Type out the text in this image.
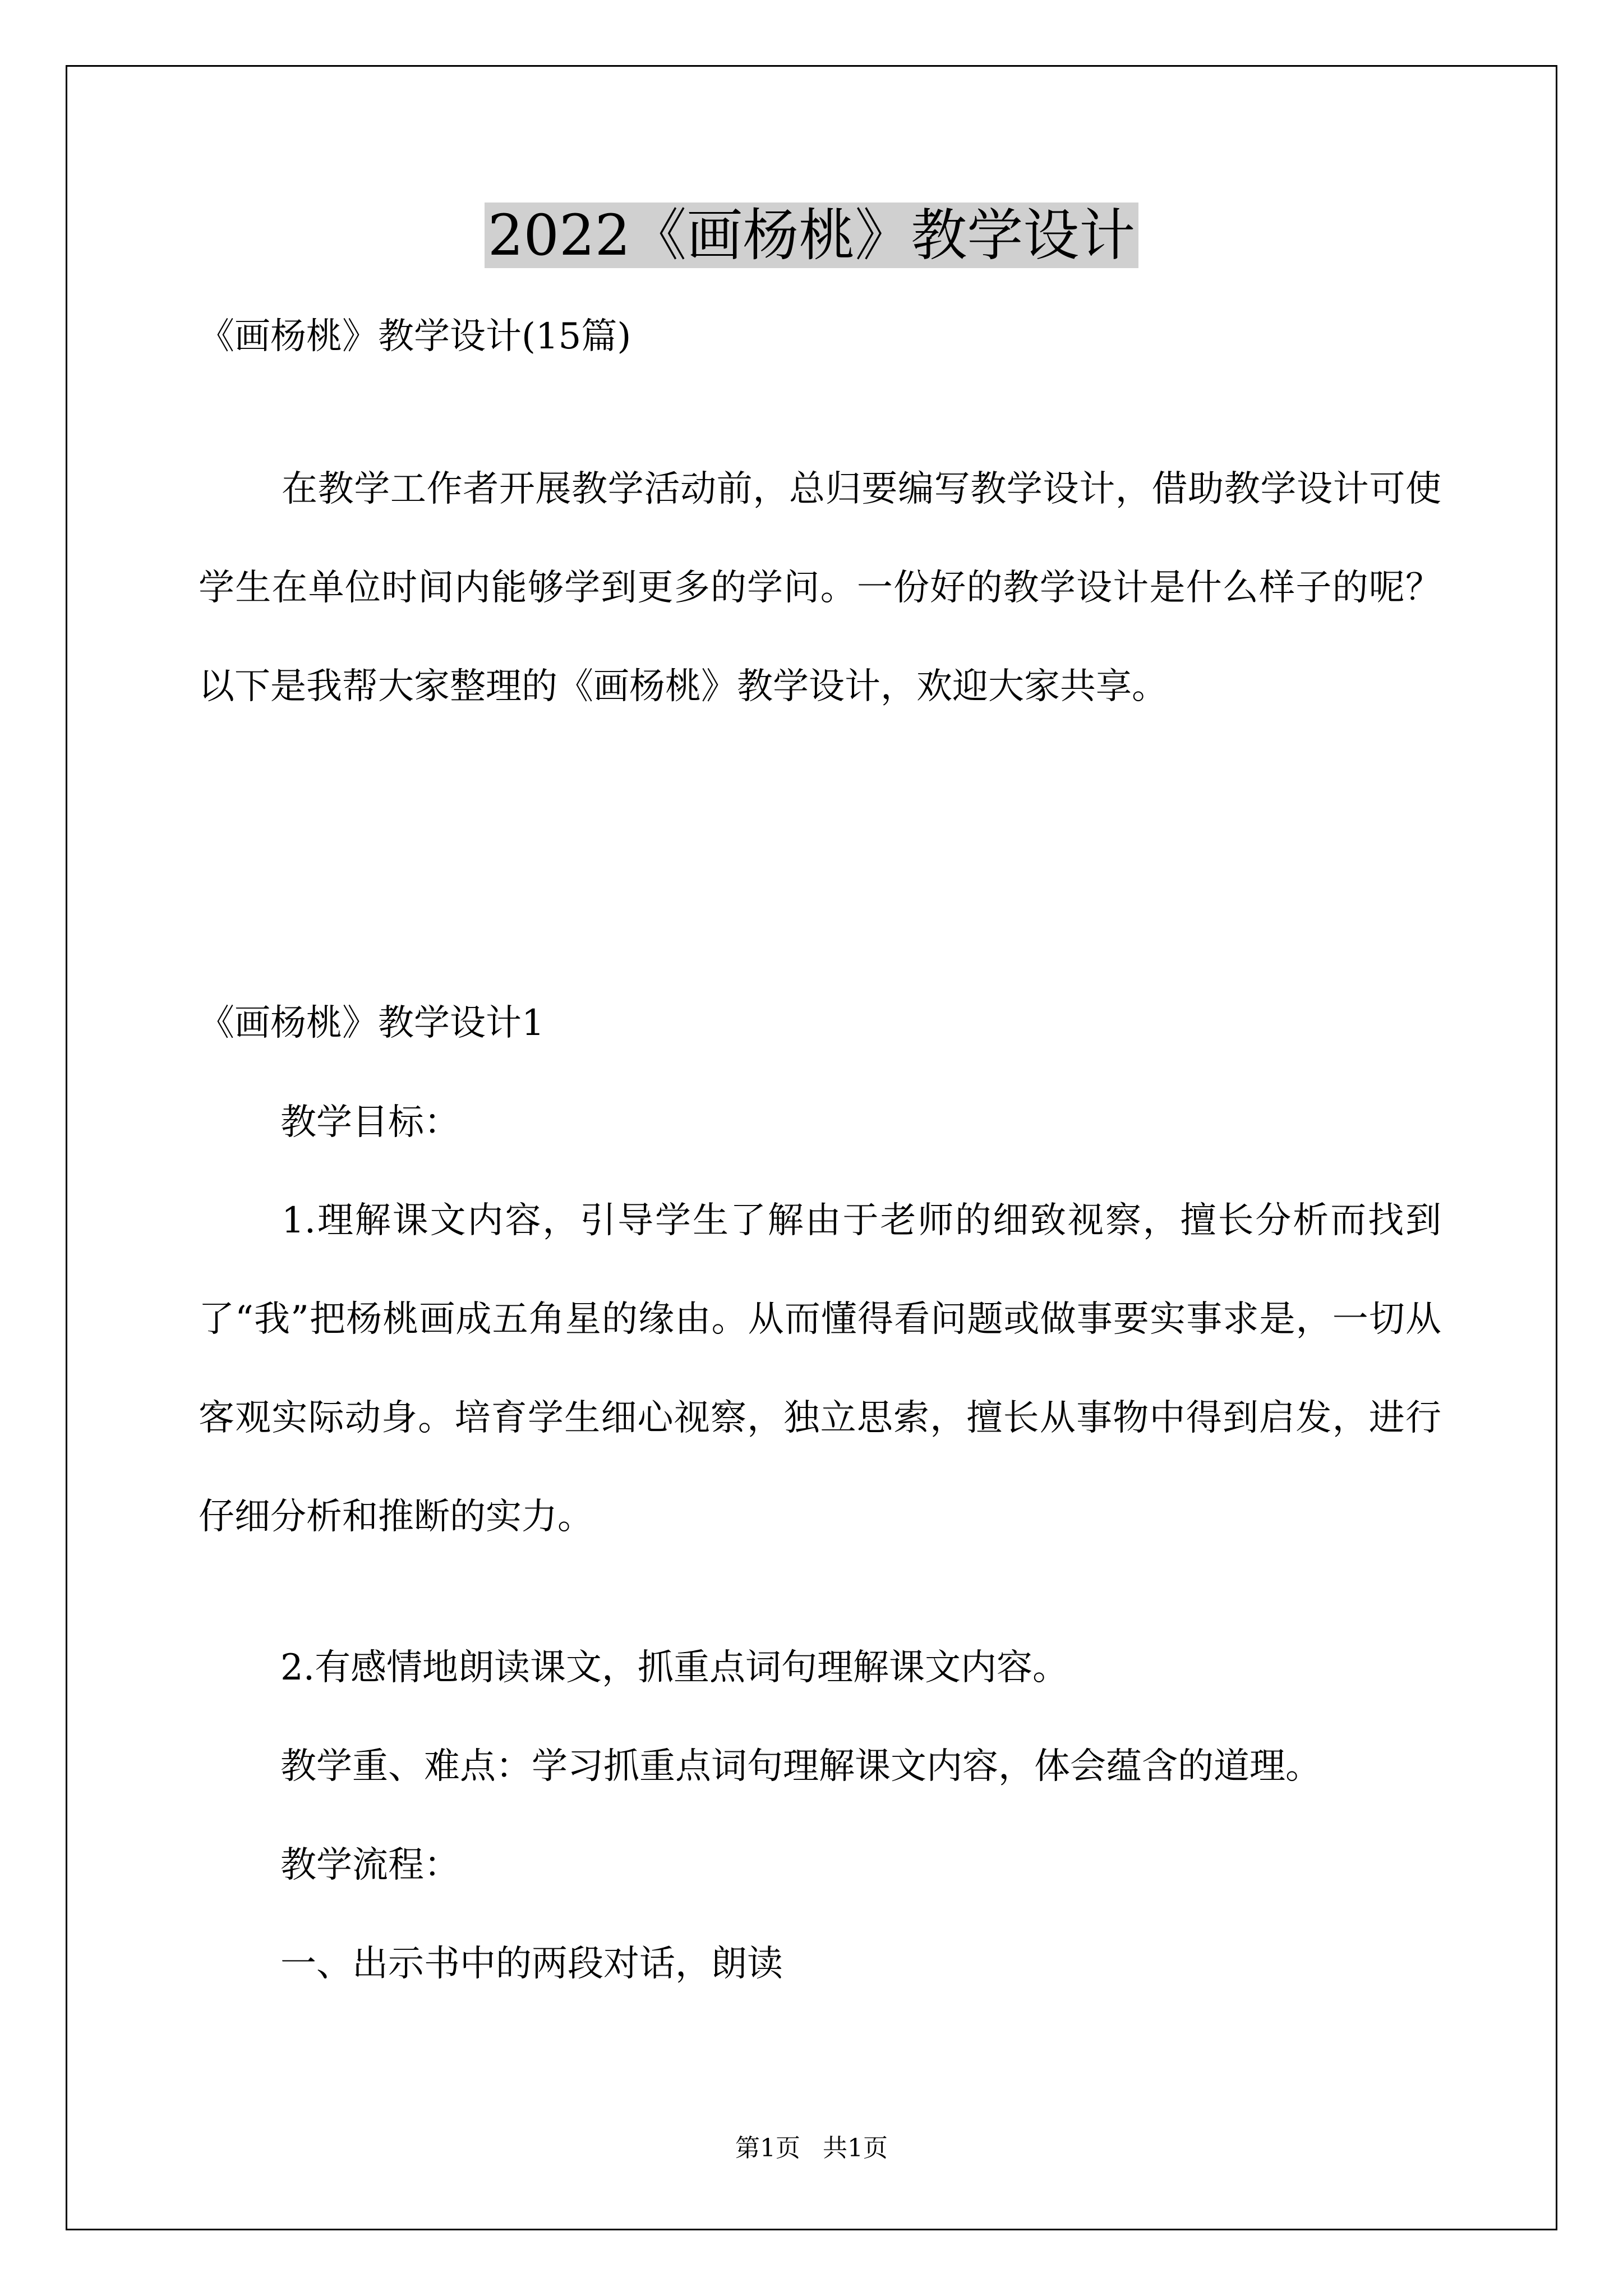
2022《画杨桃》教学设计
《画杨桃》教学设计(15篇)
在教学工作者开展教学活动前，总归要编写教学设计，借助教学设计可使学生在单位时间内能够学到更多的学问。一份好的教学设计是什么样子的呢？以下是我帮大家整理的《画杨桃》教学设计，欢迎大家共享。
《画杨桃》教学设计1
教学目标：
1.理解课文内容，引导学生了解由于老师的细致视察，擅长分析而找到了“我”把杨桃画成五角星的缘由。从而懂得看问题或做事要实事求是，一切从客观实际动身。培育学生细心视察，独立思索，擅长从事物中得到启发，进行仔细分析和推断的实力。
2.有感情地朗读课文，抓重点词句理解课文内容。
教学重、难点：学习抓重点词句理解课文内容，体会蕴含的道理。
教学流程：
一、出示书中的两段对话，朗读
第1页 共1页
